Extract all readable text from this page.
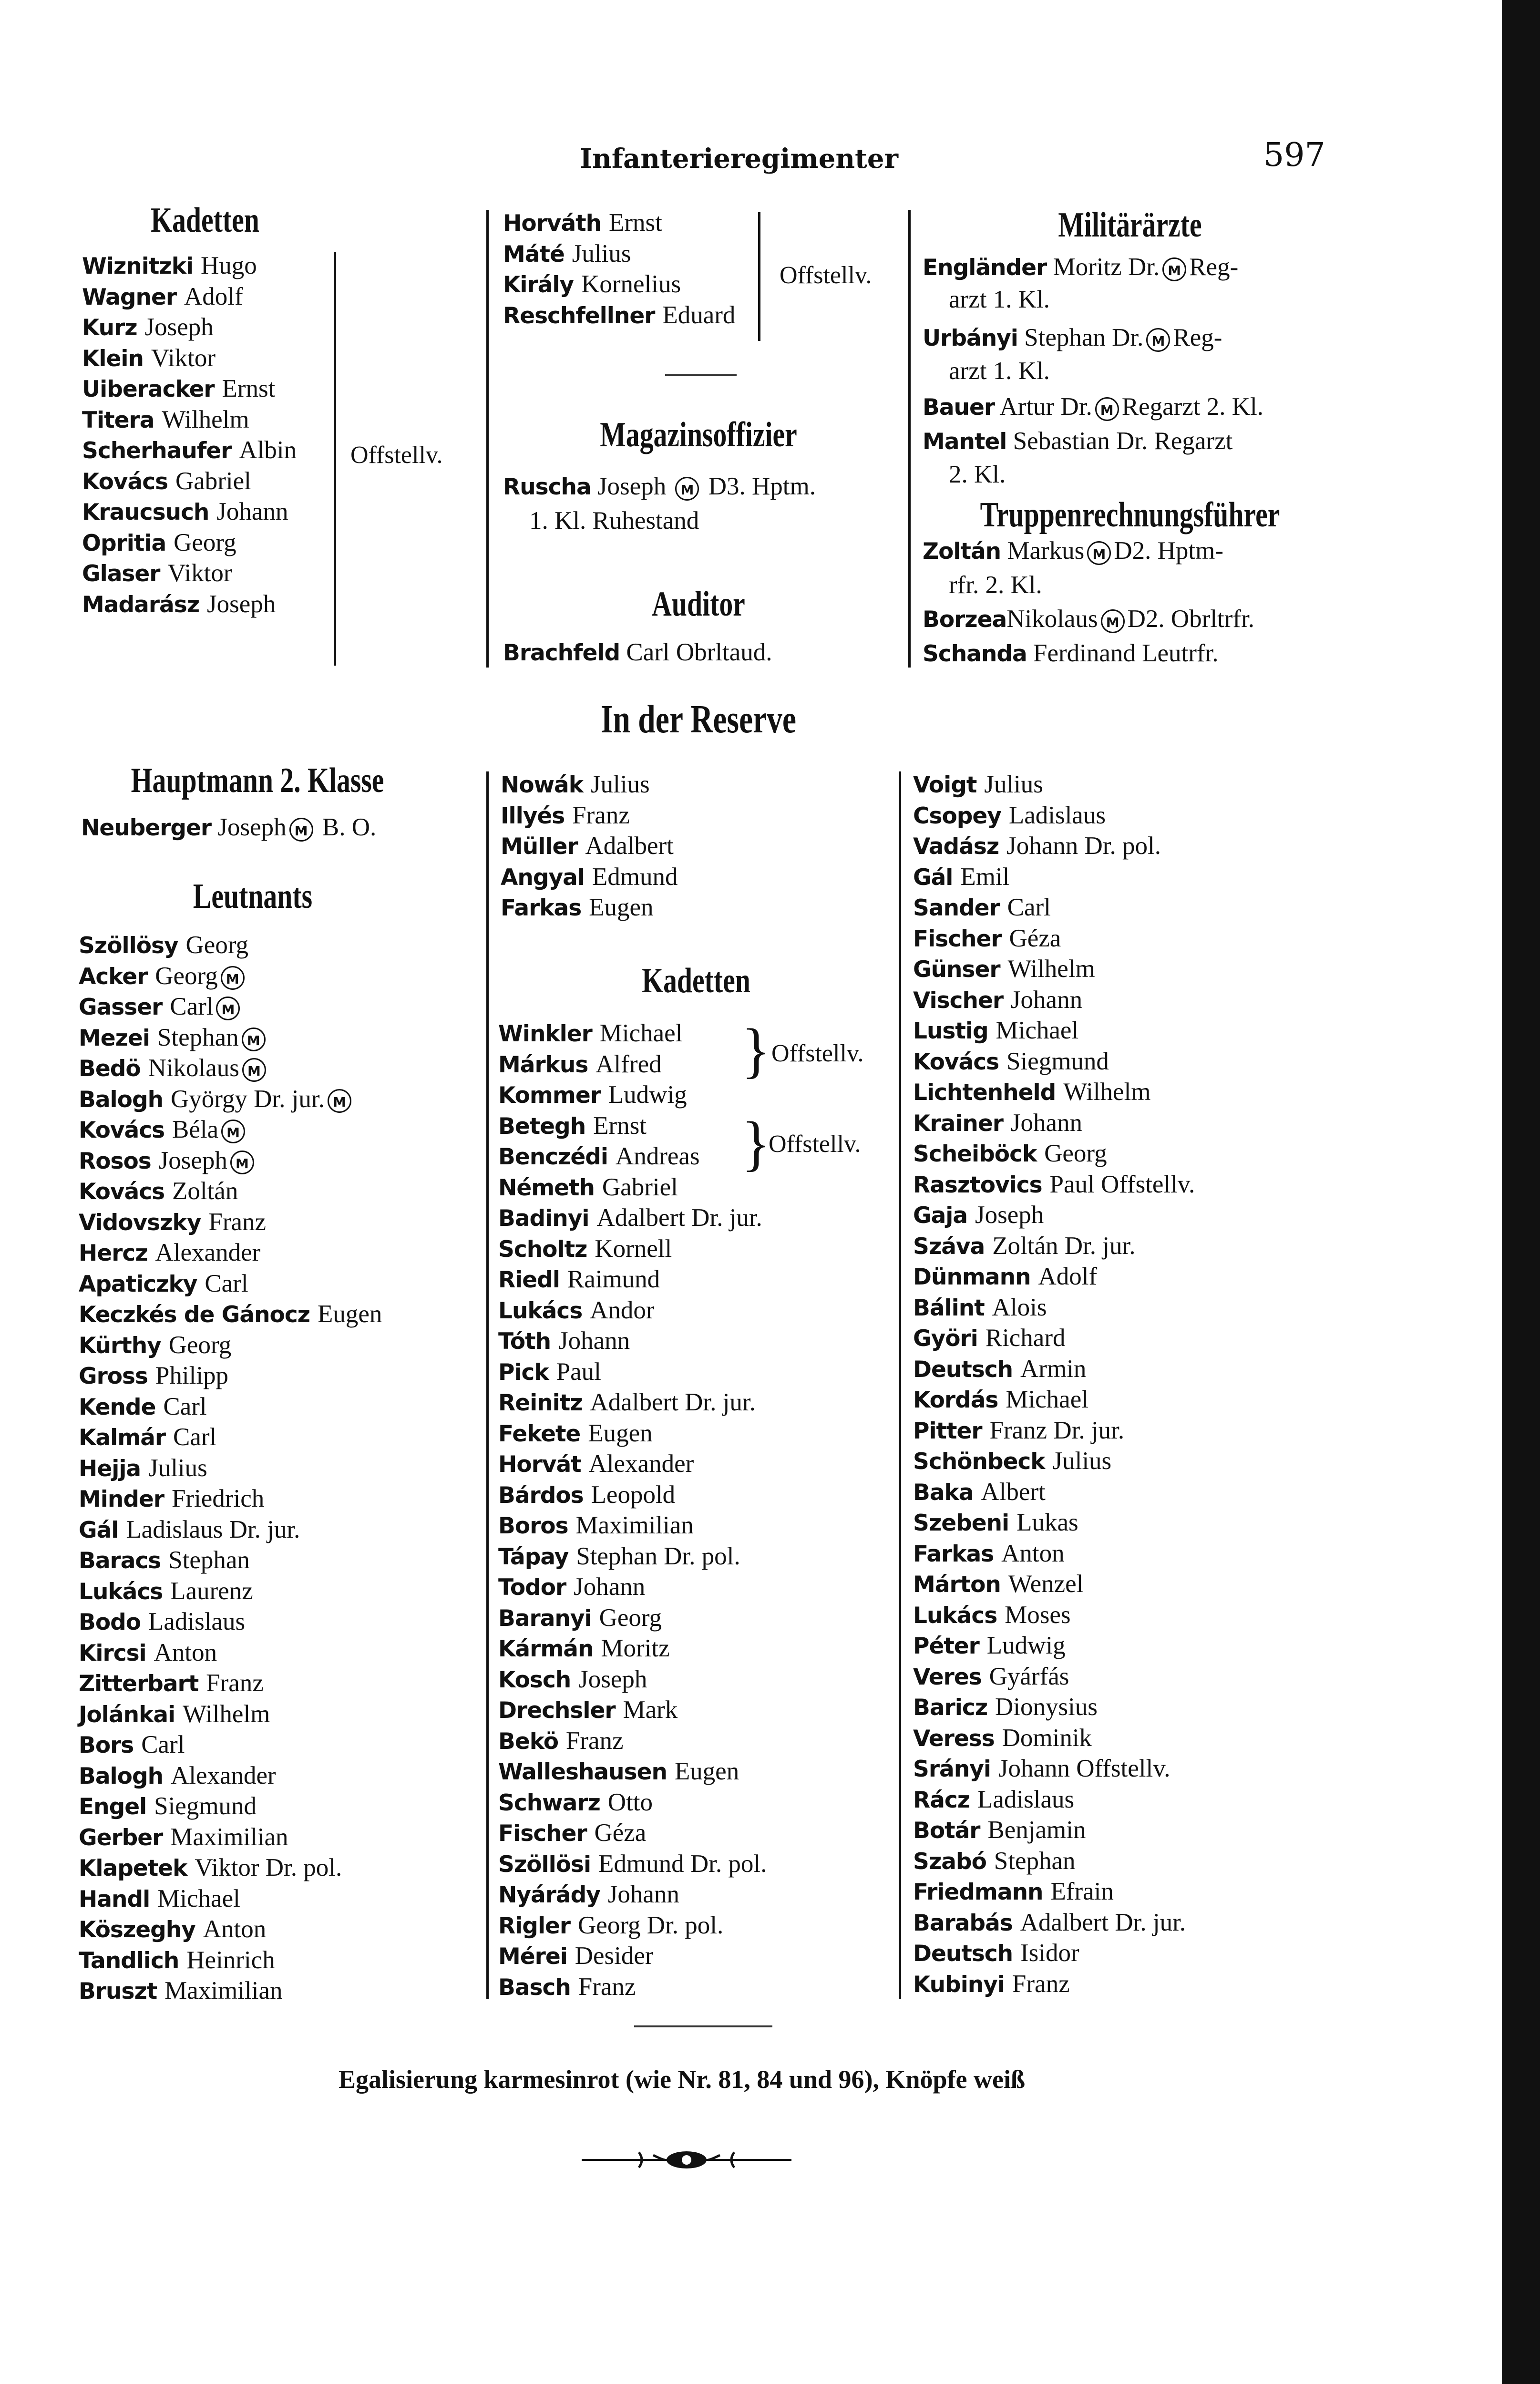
Infanterieregimenter	597
Kadetten
Wiznitzki Hugo
Wagner Adolf
Kurz Joseph
Klein Viktor
Uiberacker Ernst
Titera Wilhelm
Scherhaufer Albin
Kovács Gabriel
Kraucsuch Johann
Opritia Georg
Glaser Viktor
Madarász Joseph
Offstellv.
Horváth Ernst
Máté Julius
Király Kornelius
Reschfellner Eduard
Offstellv.
Magazinsoffizier
Ruscha Joseph M D3. Hptm.
1. Kl. Ruhestand
Auditor
Brachfeld Carl Obrltaud.
Militärärzte
Engländer Moritz Dr. M Reg-
arzt 1. Kl.
Urbányi Stephan Dr. M Reg-
arzt 1. Kl.
Bauer Artur Dr. M Regarzt 2. Kl.
Mantel Sebastian Dr. Regarzt
2. Kl.
Truppenrechnungsführer
Zoltán Markus M D2. Hptm-
rfr. 2. Kl.
BorzeaNikolaus M D2. Obrltrfr.
Schanda Ferdinand Leutrfr.
In der Reserve
Hauptmann 2. Klasse
Neuberger Joseph M B. O.
Leutnants
Szöllösy Georg
Acker Georg M
Gasser Carl M
Mezei Stephan M
Bedö Nikolaus M
Balogh György Dr. jur. M
Kovács Béla M
Rosos Joseph M
Kovács Zoltán
Vidovszky Franz
Hercz Alexander
Apaticzky Carl
Keczkés de Gánocz Eugen
Kürthy Georg
Gross Philipp
Kende Carl
Kalmár Carl
Hejja Julius
Minder Friedrich
Gál Ladislaus Dr. jur.
Baracs Stephan
Lukács Laurenz
Bodo Ladislaus
Kircsi Anton
Zitterbart Franz
Jolánkai Wilhelm
Bors Carl
Balogh Alexander
Engel Siegmund
Gerber Maximilian
Klapetek Viktor Dr. pol.
Handl Michael
Köszeghy Anton
Tandlich Heinrich
Bruszt Maximilian
Nowák Julius
Illyés Franz
Müller Adalbert
Angyal Edmund
Farkas Eugen
Kadetten
Winkler Michael
Márkus Alfred
Kommer Ludwig
Betegh Ernst
Benczédi Andreas
Németh Gabriel
Badinyi Adalbert Dr. jur.
Scholtz Kornell
Riedl Raimund
Lukács Andor
Tóth Johann
Pick Paul
Reinitz Adalbert Dr. jur.
Fekete Eugen
Horvát Alexander
Bárdos Leopold
Boros Maximilian
Tápay Stephan Dr. pol.
Todor Johann
Baranyi Georg
Kármán Moritz
Kosch Joseph
Drechsler Mark
Bekö Franz
Walleshausen Eugen
Schwarz Otto
Fischer Géza
Szöllösi Edmund Dr. pol.
Nyárády Johann
Rigler Georg Dr. pol.
Mérei Desider
Basch Franz
} Offstellv.
}
Offstellv.
Voigt Julius
Csopey Ladislaus
Vadász Johann Dr. pol.
Gál Emil
Sander Carl
Fischer Géza
Günser Wilhelm
Vischer Johann
Lustig Michael
Kovács Siegmund
Lichtenheld Wilhelm
Krainer Johann
Scheiböck Georg
Rasztovics Paul Offstellv.
Gaja Joseph
Száva Zoltán Dr. jur.
Dünmann Adolf
Bálint Alois
Györi Richard
Deutsch Armin
Kordás Michael
Pitter Franz Dr. jur.
Schönbeck Julius
Baka Albert
Szebeni Lukas
Farkas Anton
Márton Wenzel
Lukács Moses
Péter Ludwig
Veres Gyárfás
Baricz Dionysius
Veress Dominik
Srányi Johann Offstellv.
Rácz Ladislaus
Botár Benjamin
Szabó Stephan
Friedmann Efrain
Barabás Adalbert Dr. jur.
Deutsch Isidor
Kubinyi Franz
Egalisierung karmesinrot (wie Nr. 81, 84 und 96), Knöpfe weiß
